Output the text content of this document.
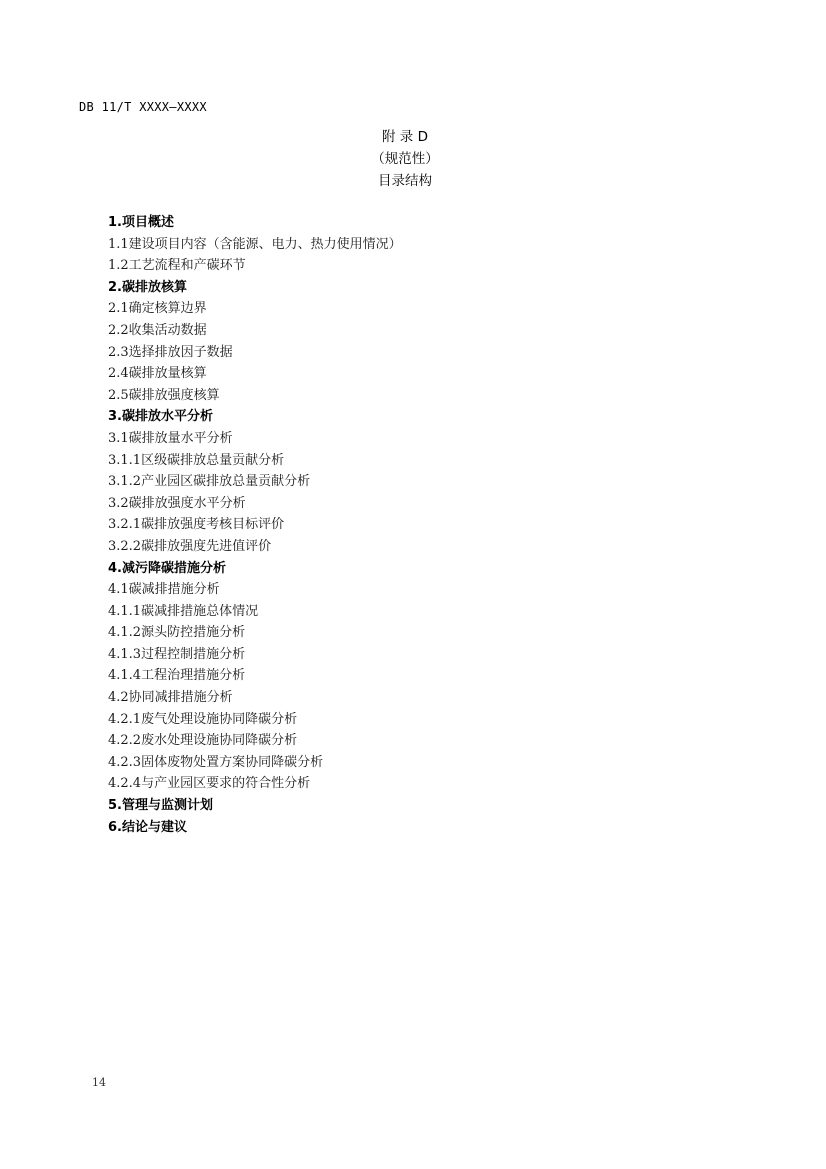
DB 11/T XXXX—XXXX
附 录 D
（规范性）
目录结构
1.项目概述
1.1建设项目内容（含能源、电力、热力使用情况）
1.2工艺流程和产碳环节
2.碳排放核算
2.1确定核算边界
2.2收集活动数据
2.3选择排放因子数据
2.4碳排放量核算
2.5碳排放强度核算
3.碳排放水平分析
3.1碳排放量水平分析
3.1.1区级碳排放总量贡献分析
3.1.2产业园区碳排放总量贡献分析
3.2碳排放强度水平分析
3.2.1碳排放强度考核目标评价
3.2.2碳排放强度先进值评价
4.减污降碳措施分析
4.1碳减排措施分析
4.1.1碳减排措施总体情况
4.1.2源头防控措施分析
4.1.3过程控制措施分析
4.1.4工程治理措施分析
4.2协同减排措施分析
4.2.1废气处理设施协同降碳分析
4.2.2废水处理设施协同降碳分析
4.2.3固体废物处置方案协同降碳分析
4.2.4与产业园区要求的符合性分析
5.管理与监测计划
6.结论与建议
14
